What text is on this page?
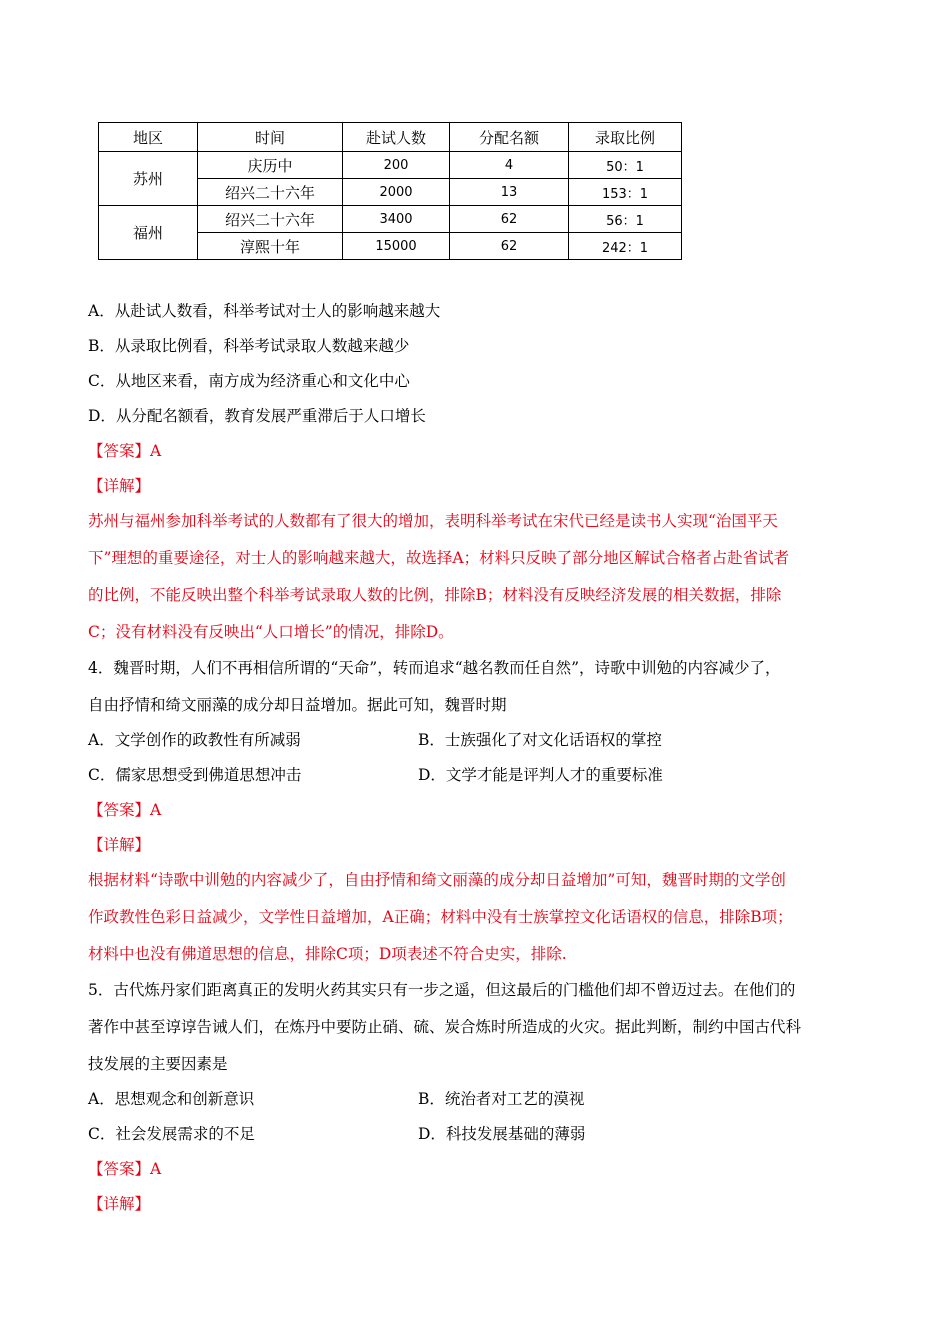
地区	时间	赴试人数	分配名额	录取比例
苏州	庆历中	200	4	50：1
	绍兴二十六年	2000	13	153：1
福州	绍兴二十六年	3400	62	56：1
	淳熙十年	15000	62	242：1
A．从赴试人数看，科举考试对士人的影响越来越大
B．从录取比例看，科举考试录取人数越来越少
C．从地区来看，南方成为经济重心和文化中心
D．从分配名额看，教育发展严重滞后于人口增长
【答案】A
【详解】
苏州与福州参加科举考试的人数都有了很大的增加，表明科举考试在宋代已经是读书人实现“治国平天
下”理想的重要途径，对士人的影响越来越大，故选择A；材料只反映了部分地区解试合格者占赴省试者
的比例，不能反映出整个科举考试录取人数的比例，排除B；材料没有反映经济发展的相关数据，排除
C；没有材料没有反映出“人口增长”的情况，排除D。
4．魏晋时期，人们不再相信所谓的“天命”，转而追求“越名教而任自然”，诗歌中训勉的内容减少了，
自由抒情和绮文丽藻的成分却日益增加。据此可知，魏晋时期
A．文学创作的政教性有所减弱	B．士族强化了对文化话语权的掌控
C．儒家思想受到佛道思想冲击	D．文学才能是评判人才的重要标准
【答案】A
【详解】
根据材料“诗歌中训勉的内容减少了，自由抒情和绮文丽藻的成分却日益增加”可知，魏晋时期的文学创
作政教性色彩日益减少，文学性日益增加，A正确；材料中没有士族掌控文化话语权的信息，排除B项；
材料中也没有佛道思想的信息，排除C项；D项表述不符合史实，排除.
5．古代炼丹家们距离真正的发明火药其实只有一步之遥，但这最后的门槛他们却不曾迈过去。在他们的
著作中甚至谆谆告诫人们，在炼丹中要防止硝、硫、炭合炼时所造成的火灾。据此判断，制约中国古代科
技发展的主要因素是
A．思想观念和创新意识	B．统治者对工艺的漠视
C．社会发展需求的不足	D．科技发展基础的薄弱
【答案】A
【详解】
